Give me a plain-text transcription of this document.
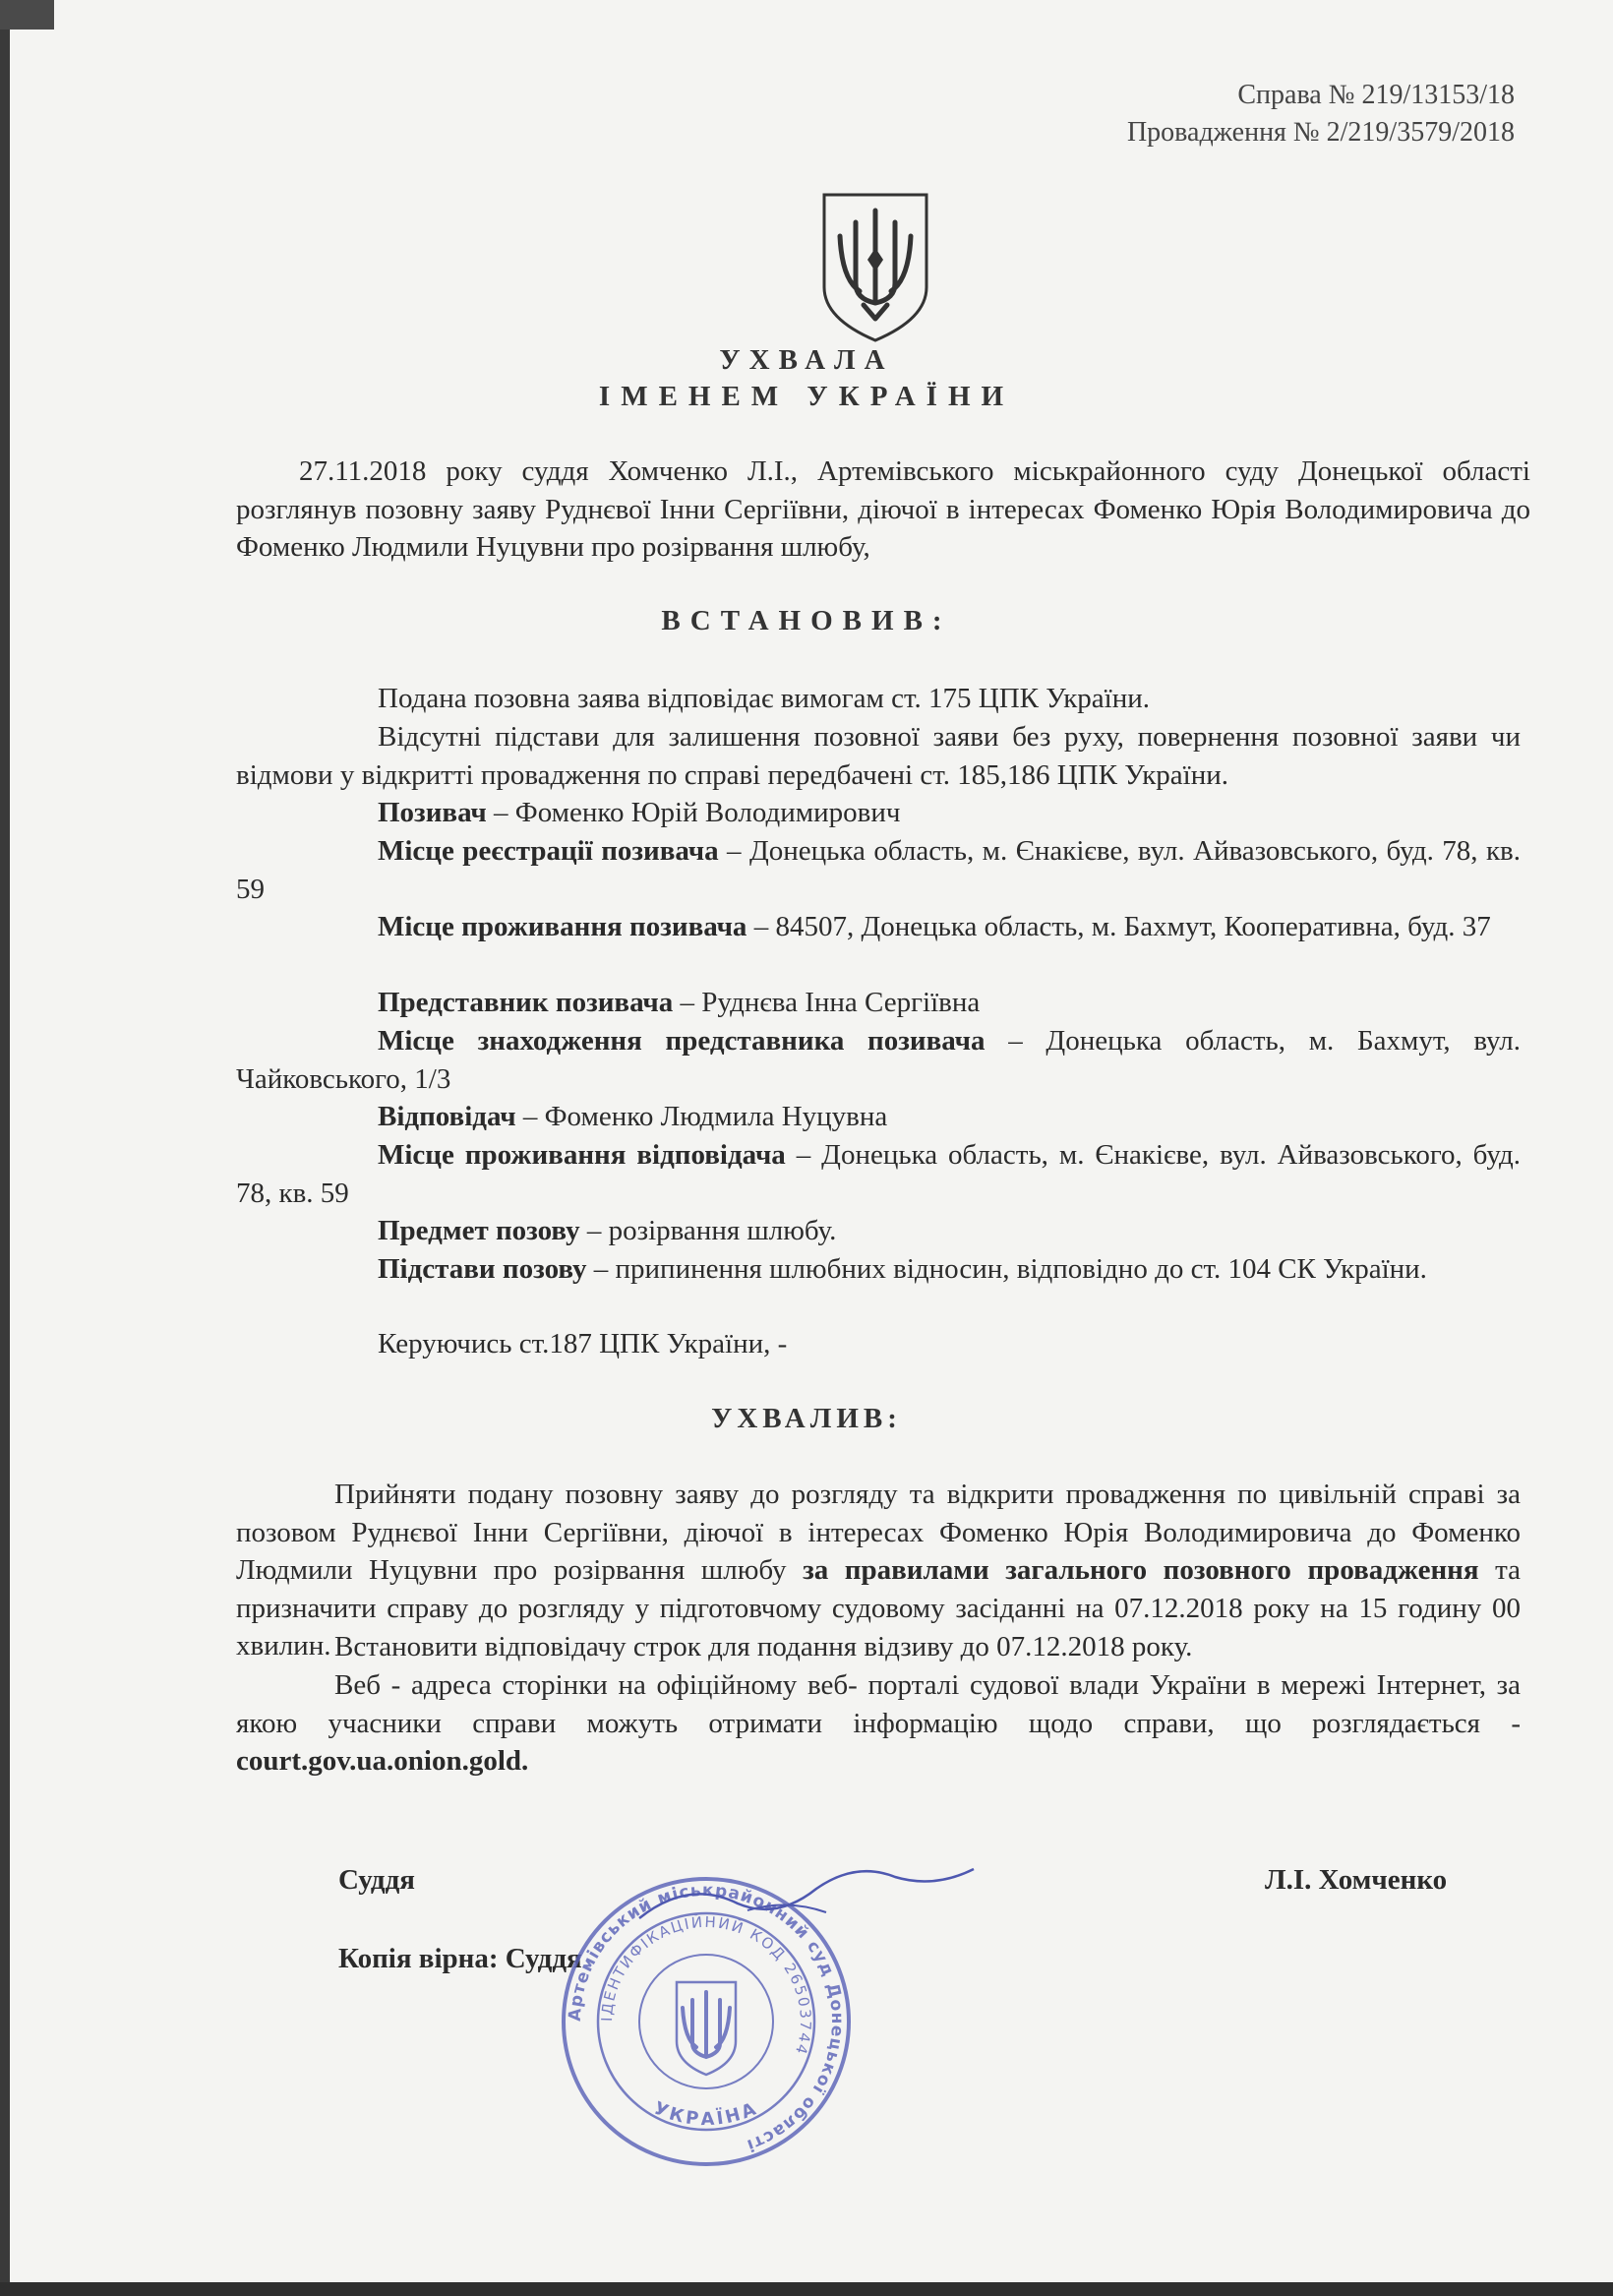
Справа № 219/13153/18
Провадження № 2/219/3579/2018
УХВАЛА
ІМЕНЕМ УКРАЇНИ
27.11.2018 року суддя Хомченко Л.І., Артемівського міськрайонного суду Донецької області розглянув позовну заяву Руднєвої Інни Сергіївни, діючої в інтересах Фоменко Юрія Володимировича до Фоменко Людмили Нуцувни про розірвання шлюбу,
ВСТАНОВИВ:
Подана позовна заява відповідає вимогам ст. 175 ЦПК України.
Відсутні підстави для залишення позовної заяви без руху, повернення позовної заяви чи відмови у відкритті провадження по справі передбачені ст. 185,186 ЦПК України.
Позивач – Фоменко Юрій Володимирович
Місце реєстрації позивача – Донецька область, м. Єнакієве, вул. Айвазовського, буд. 78, кв. 59
Місце проживання позивача – 84507, Донецька область, м. Бахмут, Кооперативна, буд. 37
Представник позивача – Руднєва Інна Сергіївна
Місце знаходження представника позивача – Донецька область, м. Бахмут, вул. Чайковського, 1/3
Відповідач – Фоменко Людмила Нуцувна
Місце проживання відповідача – Донецька область, м. Єнакієве, вул. Айвазовського, буд. 78, кв. 59
Предмет позову – розірвання шлюбу.
Підстави позову – припинення шлюбних відносин, відповідно до ст. 104 СК України.
Керуючись ст.187 ЦПК України, -
УХВАЛИВ:
Прийняти подану позовну заяву до розгляду та відкрити провадження по цивільній справі за позовом Руднєвої Інни Сергіївни, діючої в інтересах Фоменко Юрія Володимировича до Фоменко Людмили Нуцувни про розірвання шлюбу за правилами загального позовного провадження та призначити справу до розгляду у підготовчому судовому засіданні на 07.12.2018 року на 15 годину 00 хвилин. Встановити відповідачу строк для подання відзиву до 07.12.2018 року.
Веб - адреса сторінки на офіційному веб- порталі судової влади України в мережі Інтернет, за якою учасники справи можуть отримати інформацію щодо справи, що розглядається - court.gov.ua.onion.gold.
Суддя	Л.І. Хомченко
Копія вірна: Суддя
Артемівський міськрайонний суд Донецької області
ІДЕНТИФІКАЦІЙНИЙ КОД 26503744
УКРАЇНА
